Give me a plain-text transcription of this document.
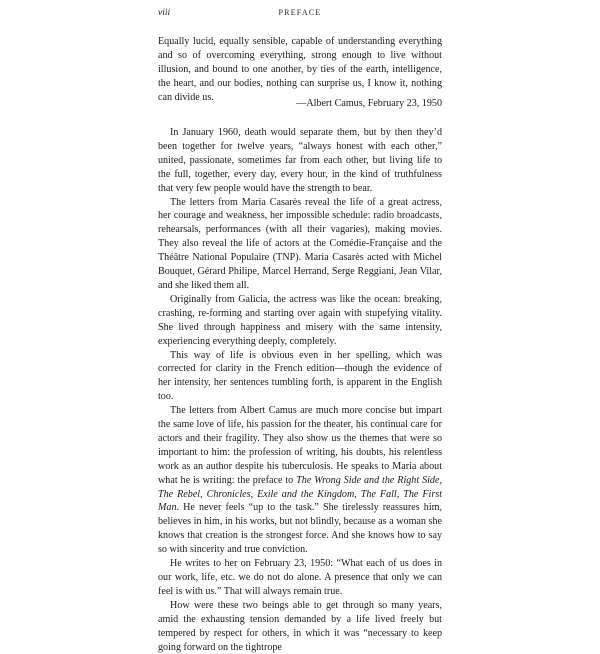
viii	PREFACE

Equally lucid, equally sensible, capable of understanding everything and so of overcoming everything, strong enough to live without illusion, and bound to one another, by ties of the earth, intelligence, the heart, and our bodies, nothing can surprise us, I know it, nothing can divide us.

—Albert Camus, February 23, 1950

In January 1960, death would separate them, but by then they’d been together for twelve years, “always honest with each other,” united, passionate, sometimes far from each other, but living life to the full, together, every day, every hour, in the kind of truthfulness that very few people would have the strength to bear.

The letters from Maria Casarès reveal the life of a great actress, her courage and weakness, her impossible schedule: radio broadcasts, rehearsals, performances (with all their vagaries), making movies. They also reveal the life of actors at the Comédie-Française and the Théâtre National Populaire (TNP). Maria Casarès acted with Michel Bouquet, Gérard Philipe, Marcel Herrand, Serge Reggiani, Jean Vilar, and she liked them all.

Originally from Galicia, the actress was like the ocean: breaking, crashing, re-forming and starting over again with stupefying vitality. She lived through happiness and misery with the same intensity, experiencing everything deeply, completely.

This way of life is obvious even in her spelling, which was corrected for clarity in the French edition—though the evidence of her intensity, her sentences tumbling forth, is apparent in the English too.

The letters from Albert Camus are much more concise but impart the same love of life, his passion for the theater, his continual care for actors and their fragility. They also show us the themes that were so important to him: the profession of writing, his doubts, his relentless work as an author despite his tuberculosis. He speaks to Maria about what he is writing: the preface to The Wrong Side and the Right Side, The Rebel, Chronicles, Exile and the Kingdom, The Fall, The First Man. He never feels “up to the task.” She tirelessly reassures him, believes in him, in his works, but not blindly, because as a woman she knows that creation is the strongest force. And she knows how to say so with sincerity and true conviction.

He writes to her on February 23, 1950: “What each of us does in our work, life, etc. we do not do alone. A presence that only we can feel is with us.” That will always remain true.

How were these two beings able to get through so many years, amid the exhausting tension demanded by a life lived freely but tempered by respect for others, in which it was “necessary to keep going forward on the tightrope
